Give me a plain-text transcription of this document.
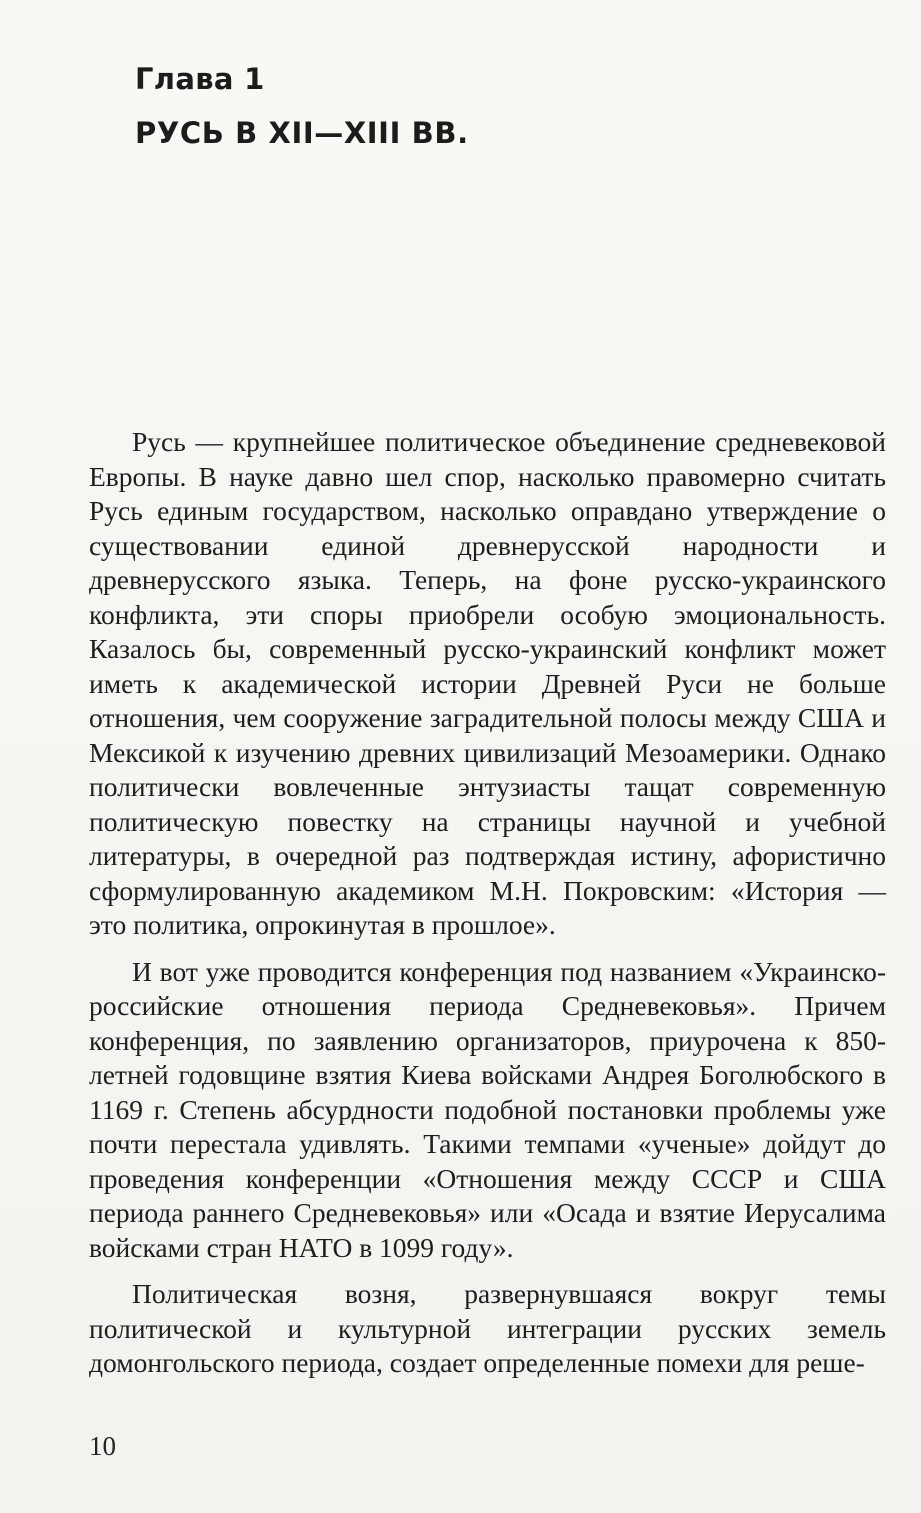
Глава 1
РУСЬ В XII—XIII ВВ.

Русь — крупнейшее политическое объединение средневековой Европы. В науке давно шел спор, насколько правомерно считать Русь единым государством, насколько оправдано утверждение о существовании единой древнерусской народности и древнерусского языка. Теперь, на фоне русско-украинского конфликта, эти споры приобрели особую эмоциональность. Казалось бы, современный русско-украинский конфликт может иметь к академической истории Древней Руси не больше отношения, чем сооружение заградительной полосы между США и Мексикой к изучению древних цивилизаций Мезоамерики. Однако политически вовлеченные энтузиасты тащат современную политическую повестку на страницы научной и учебной литературы, в очередной раз подтверждая истину, афористично сформулированную академиком М.Н. Покровским: «История — это политика, опрокинутая в прошлое».

И вот уже проводится конференция под названием «Украинско-российские отношения периода Средневековья». Причем конференция, по заявлению организаторов, приурочена к 850-летней годовщине взятия Киева войсками Андрея Боголюбского в 1169 г. Степень абсурдности подобной постановки проблемы уже почти перестала удивлять. Такими темпами «ученые» дойдут до проведения конференции «Отношения между СССР и США периода раннего Средневековья» или «Осада и взятие Иерусалима войсками стран НАТО в 1099 году».

Политическая возня, развернувшаяся вокруг темы политической и культурной интеграции русских земель домонгольского периода, создает определенные помехи для реше-

10
